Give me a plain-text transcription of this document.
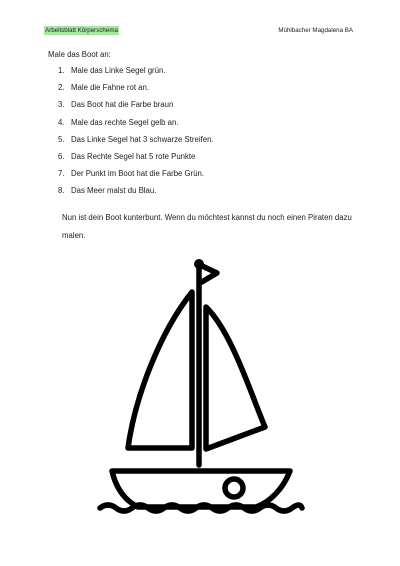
Arbeitsblatt Körperschema	Mühlbacher Magdalena BA
Male das Boot an:
1. Male das Linke Segel grün.
2. Male die Fahne rot an.
3. Das Boot hat die Farbe braun
4. Male das rechte Segel gelb an.
5. Das Linke Segel hat 3 schwarze Streifen.
6. Das Rechte Segel hat 5 rote Punkte
7. Der Punkt im Boot hat die Farbe Grün.
8. Das Meer malst du Blau.
Nun ist dein Boot kunterbunt. Wenn du möchtest kannst du noch einen Piraten dazu malen.
